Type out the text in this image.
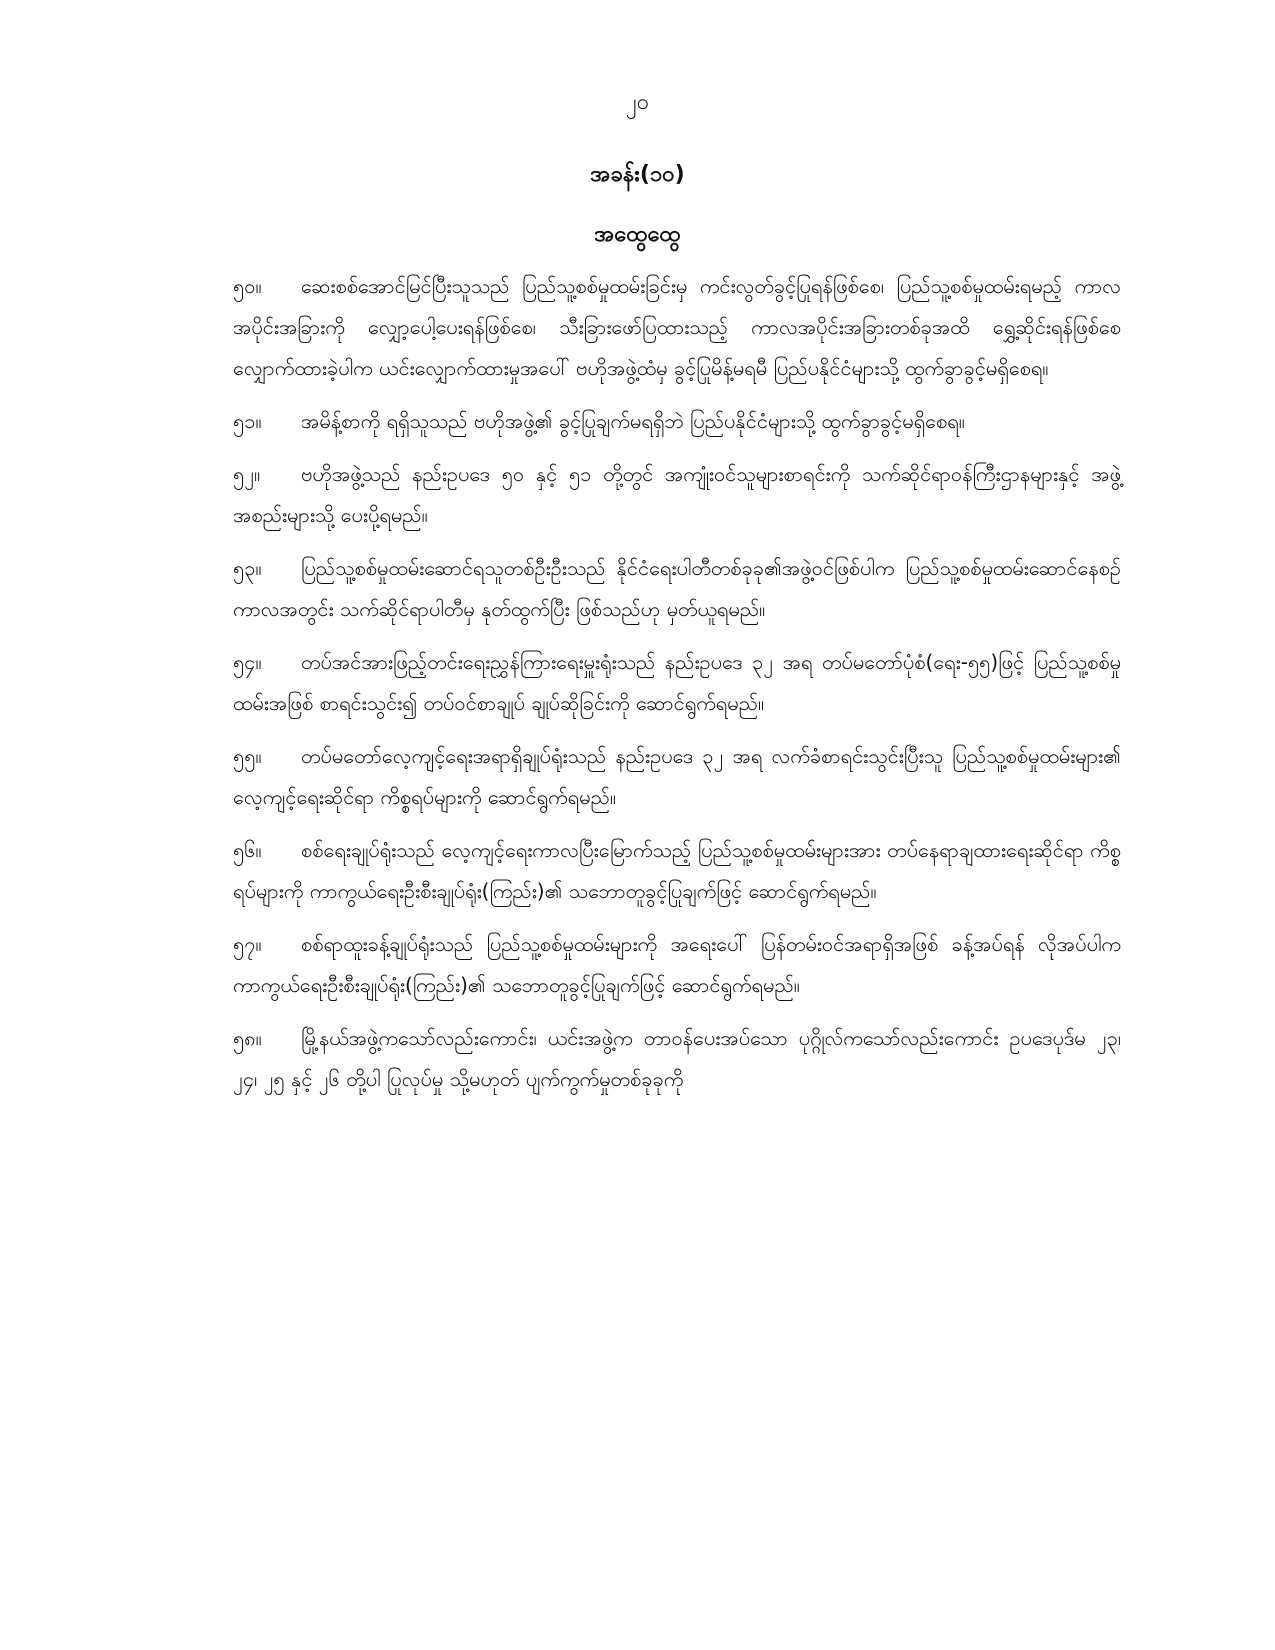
၂၀
အခန်း(၁၀)
အထွေထွေ

၅၀။ ဆေးစစ်အောင်မြင်ပြီးသူသည် ပြည်သူ့စစ်မှုထမ်းခြင်းမှ ကင်းလွတ်ခွင့်ပြုရန်ဖြစ်စေ၊ ပြည်သူ့စစ်မှုထမ်းရမည့် ကာလအပိုင်းအခြားကို လျှော့ပေါ့ပေးရန်ဖြစ်စေ၊ သီးခြားဖော်ပြထားသည့် ကာလအပိုင်းအခြားတစ်ခုအထိ ရွှေ့ဆိုင်းရန်ဖြစ်စေ လျှောက်ထားခဲ့ပါက ယင်းလျှောက်ထားမှုအပေါ် ဗဟိုအဖွဲ့ထံမှ ခွင့်ပြုမိန့်မရမီ ပြည်ပနိုင်ငံများသို့ ထွက်ခွာခွင့်မရှိစေရ။

၅၁။ အမိန့်စာကို ရရှိသူသည် ဗဟိုအဖွဲ့၏ ခွင့်ပြုချက်မရရှိဘဲ ပြည်ပနိုင်ငံများသို့ ထွက်ခွာခွင့်မရှိစေရ။

၅၂။ ဗဟိုအဖွဲ့သည် နည်းဥပဒေ ၅၀ နှင့် ၅၁ တို့တွင် အကျုံးဝင်သူများစာရင်းကို သက်ဆိုင်ရာဝန်ကြီးဌာနများနှင့် အဖွဲ့အစည်းများသို့ ပေးပို့ရမည်။

၅၃။ ပြည်သူ့စစ်မှုထမ်းဆောင်ရသူတစ်ဦးဦးသည် နိုင်ငံရေးပါတီတစ်ခုခု၏အဖွဲ့ဝင်ဖြစ်ပါက ပြည်သူ့စစ်မှုထမ်းဆောင်နေစဉ်ကာလအတွင်း သက်ဆိုင်ရာပါတီမှ နုတ်ထွက်ပြီး ဖြစ်သည်ဟု မှတ်ယူရမည်။

၅၄။ တပ်အင်အားဖြည့်တင်းရေးညွှန်ကြားရေးမှူးရုံးသည် နည်းဥပဒေ ၃၂ အရ တပ်မတော်ပုံစံ(ရေး-၅၅)ဖြင့် ပြည်သူ့စစ်မှုထမ်းအဖြစ် စာရင်းသွင်း၍ တပ်ဝင်စာချုပ် ချုပ်ဆိုခြင်းကို ဆောင်ရွက်ရမည်။

၅၅။ တပ်မတော်လေ့ကျင့်ရေးအရာရှိချုပ်ရုံးသည် နည်းဥပဒေ ၃၂ အရ လက်ခံစာရင်းသွင်းပြီးသူ ပြည်သူ့စစ်မှုထမ်းများ၏ လေ့ကျင့်ရေးဆိုင်ရာ ကိစ္စရပ်များကို ဆောင်ရွက်ရမည်။

၅၆။ စစ်ရေးချုပ်ရုံးသည် လေ့ကျင့်ရေးကာလပြီးမြောက်သည့် ပြည်သူ့စစ်မှုထမ်းများအား တပ်နေရာချထားရေးဆိုင်ရာ ကိစ္စရပ်များကို ကာကွယ်ရေးဦးစီးချုပ်ရုံး(ကြည်း)၏ သဘောတူခွင့်ပြုချက်ဖြင့် ဆောင်ရွက်ရမည်။

၅၇။ စစ်ရာထူးခန့်ချုပ်ရုံးသည် ပြည်သူ့စစ်မှုထမ်းများကို အရေးပေါ် ပြန်တမ်းဝင်အရာရှိအဖြစ် ခန့်အပ်ရန် လိုအပ်ပါက ကာကွယ်ရေးဦးစီးချုပ်ရုံး(ကြည်း)၏ သဘောတူခွင့်ပြုချက်ဖြင့် ဆောင်ရွက်ရမည်။

၅၈။ မြို့နယ်အဖွဲ့ကသော်လည်းကောင်း၊ ယင်းအဖွဲ့က တာဝန်ပေးအပ်သော ပုဂ္ဂိုလ်ကသော်လည်းကောင်း ဥပဒေပုဒ်မ ၂၃၊ ၂၄၊ ၂၅ နှင့် ၂၆ တို့ပါ ပြုလုပ်မှု သို့မဟုတ် ပျက်ကွက်မှုတစ်ခုခုကို
